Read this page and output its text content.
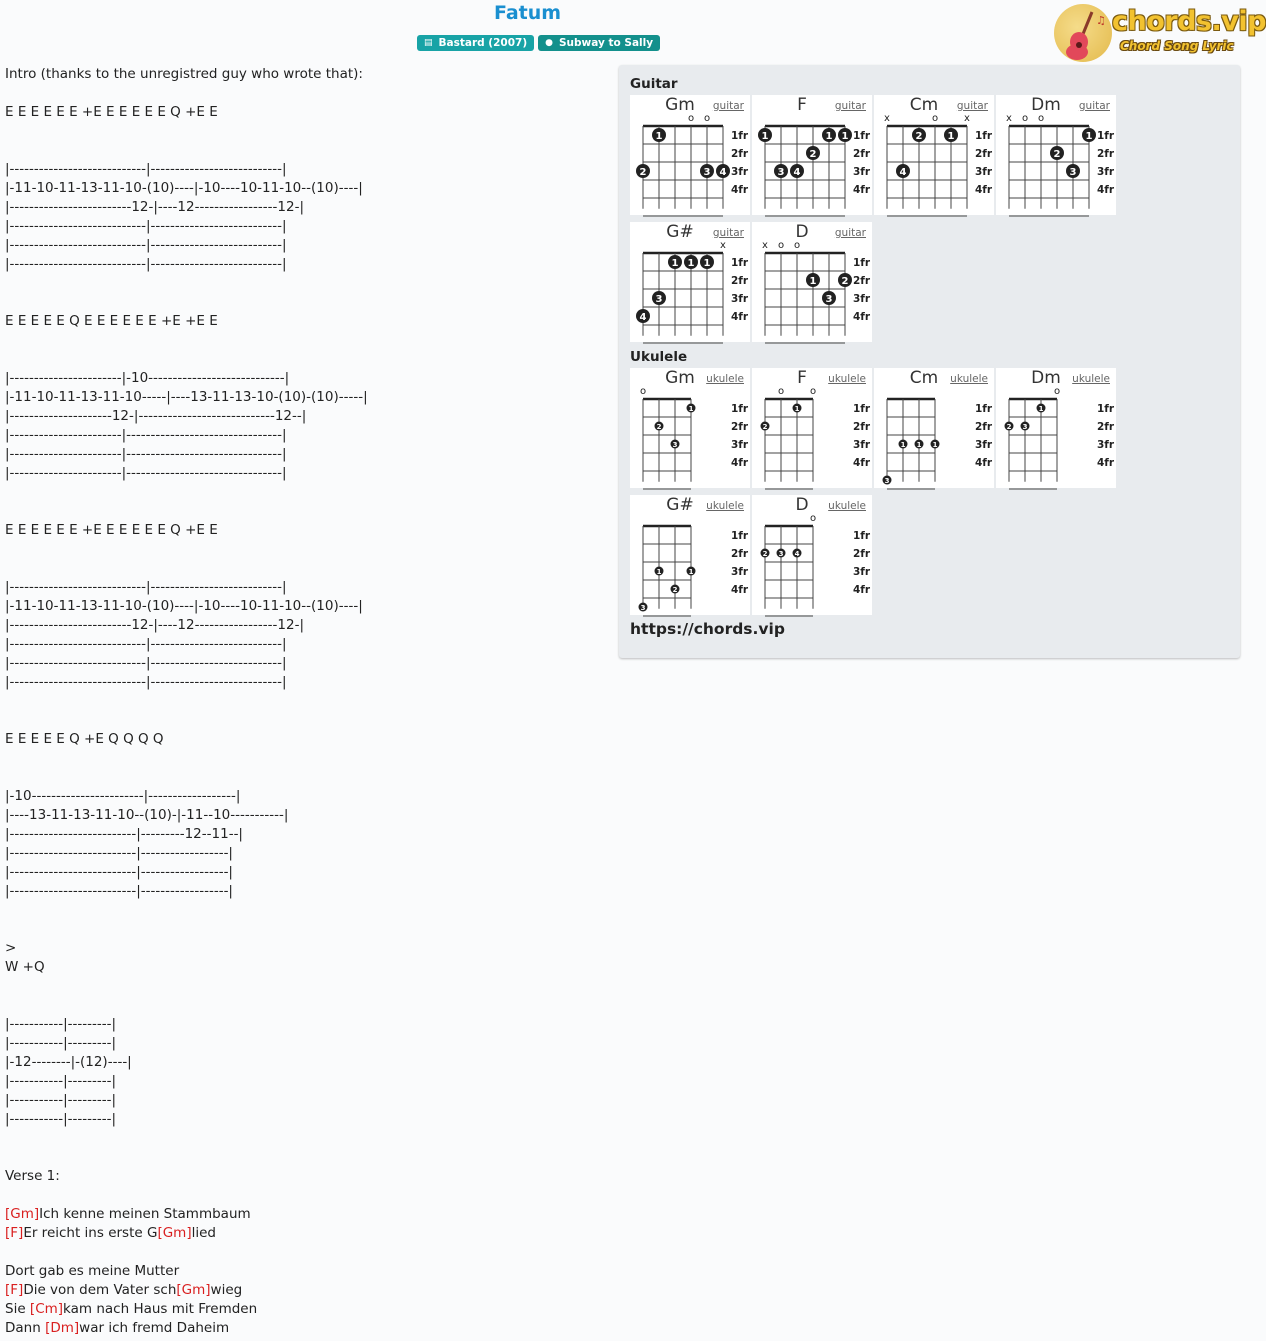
Fatum
▤ Bastard (2007) ● Subway to Sally
♫ chords.vip
Chord Song Lyric
Intro (thanks to the unregistred guy who wrote that):
E E E E E E +E E E E E E Q +E E
|----------------------------|---------------------------|
|-11-10-11-13-11-10-(10)----|-10----10-11-10--(10)----|
|-------------------------12-|----12-----------------12-|
|----------------------------|---------------------------|
|----------------------------|---------------------------|
|----------------------------|---------------------------|
E E E E E Q E E E E E E +E +E E
|-----------------------|-10----------------------------|
|-11-10-11-13-11-10-----|----13-11-13-10-(10)-(10)-----|
|---------------------12-|----------------------------12--|
|-----------------------|--------------------------------|
|-----------------------|--------------------------------|
|-----------------------|--------------------------------|
E E E E E E +E E E E E E Q +E E
|----------------------------|---------------------------|
|-11-10-11-13-11-10-(10)----|-10----10-11-10--(10)----|
|-------------------------12-|----12-----------------12-|
|----------------------------|---------------------------|
|----------------------------|---------------------------|
|----------------------------|---------------------------|
E E E E E Q +E Q Q Q Q
|-10-----------------------|------------------|
|----13-11-13-11-10--(10)-|-11--10-----------|
|--------------------------|---------12--11--|
|--------------------------|------------------|
|--------------------------|------------------|
|--------------------------|------------------|
>
W +Q
|-----------|---------|
|-----------|---------|
|-12--------|-(12)----|
|-----------|---------|
|-----------|---------|
|-----------|---------|
Verse 1:
[Gm]Ich kenne meinen Stammbaum
[F]Er reicht ins erste G[Gm]lied
Dort gab es meine Mutter
[F]Die von dem Vater sch[Gm]wieg
Sie [Cm]kam nach Haus mit Fremden
Dann [Dm]war ich fremd Daheim
Guitar
Gm	guitar
1fr
2fr
3fr
4fr
o o
1
2	3 4
F	guitar
1fr
2fr
3fr
4fr
1	1 1
2
3 4
Cm	guitar
1fr
2fr
3fr
4fr
x	o	x
2	1
4
Dm	guitar
1fr
2fr
3fr
4fr
x o o
1
2
3
G#	guitar
1fr
2fr
3fr
4fr
x
1 1 1
3
4
D	guitar
1fr
2fr
3fr
4fr
x o o
1	2
3
Ukulele
Gm	ukulele
1fr
2fr
3fr
4fr
o
1
2
3
F	ukulele
1fr
2fr
3fr
4fr
o	o
1
2
Cm	ukulele
1fr
2fr
3fr
4fr
1 1 1
3
Dm	ukulele
1fr
2fr
3fr
4fr
o
1
2 3
G#	ukulele
1fr
2fr
3fr
4fr
1	1
2
3
D	ukulele
1fr
2fr
3fr
4fr
o
2 3 4
https://chords.vip
